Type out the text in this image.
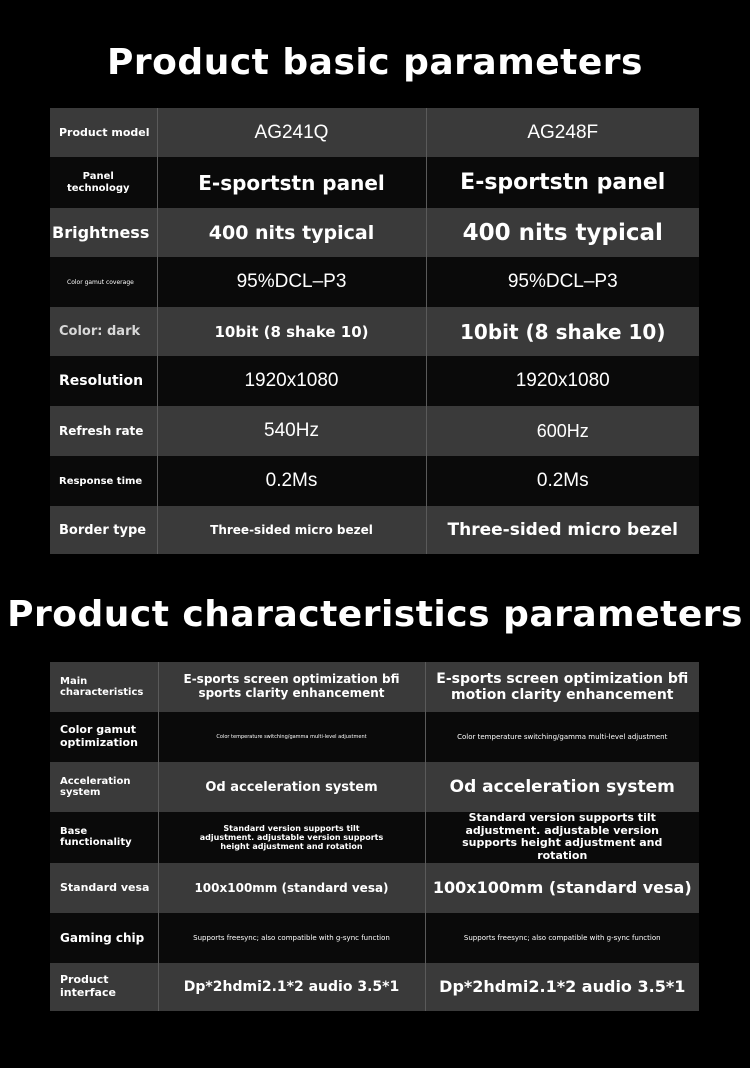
Product basic parameters
Product model	AG241Q	AG248F
Panel technology	E-sportstn panel	E-sportstn panel
Brightness	400 nits typical	400 nits typical
Color gamut coverage	95%DCL–P3	95%DCL–P3
Color: dark	10bit (8 shake 10)	10bit (8 shake 10)
Resolution	1920x1080	1920x1080
Refresh rate	540Hz	600Hz
Response time	0.2Ms	0.2Ms
Border type	Three-sided micro bezel	Three-sided micro bezel
Product characteristics parameters
Main characteristics	E-sports screen optimization bfi sports clarity enhancement	E-sports screen optimization bfi motion clarity enhancement
Color gamut optimization	Color temperature switching/gamma multi-level adjustment	Color temperature switching/gamma multi-level adjustment
Acceleration system	Od acceleration system	Od acceleration system
Base functionality	Standard version supports tilt adjustment. adjustable version supports height adjustment and rotation	Standard version supports tilt adjustment. adjustable version supports height adjustment and rotation
Standard vesa	100x100mm (standard vesa)	100x100mm (standard vesa)
Gaming chip	Supports freesync; also compatible with g-sync function	Supports freesync; also compatible with g-sync function
Product interface	Dp*2hdmi2.1*2 audio 3.5*1	Dp*2hdmi2.1*2 audio 3.5*1
